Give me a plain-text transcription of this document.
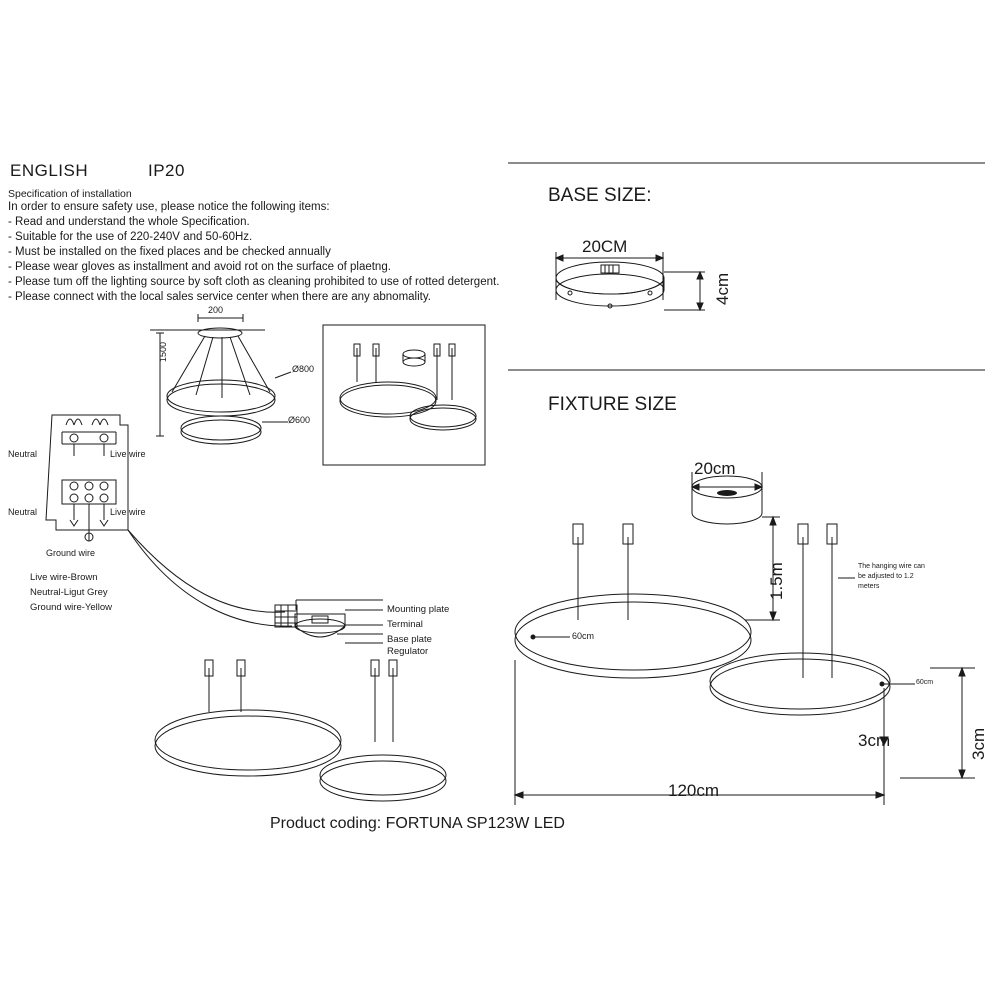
ENGLISH	IP20
Specification of installation
In order to ensure safety use, please notice the following items:
- Read and understand the whole Specification.
- Suitable for the use of 220-240V and 50-60Hz.
- Must be installed on the fixed places and be checked annually
- Please wear gloves as installment and avoid rot on the surface of plaetng.
- Please tum off the lighting source by soft cloth as cleaning prohibited to use of rotted detergent.
- Please connect with the local sales service center when there are any abnomality.
200
1500
Ø800
Ø600
Neutral	Live wire
Neutral	Live wire
Ground wire
Live wire-Brown
Neutral-Ligut Grey
Ground wire-Yellow	Mounting plate
Terminal
Base plate
Regulator
Product coding: FORTUNA SP123W LED
BASE SIZE:
20CM
4cm
FIXTURE SIZE
20cm
1.5m	The hanging wire can
be adjusted to 1.2
meters
60cm
60cm
3cm	3cm
120cm
